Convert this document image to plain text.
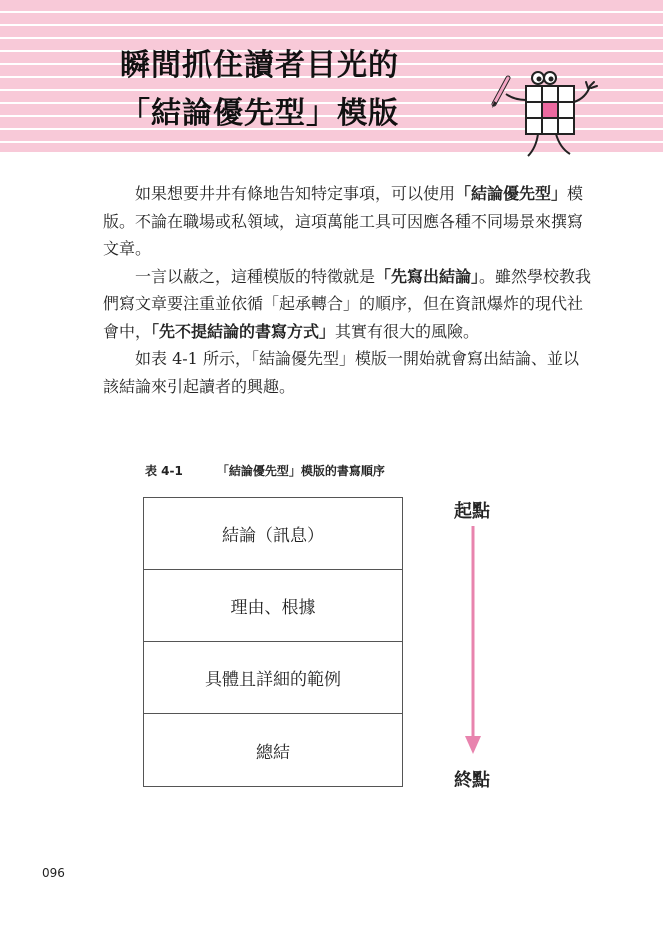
瞬間抓住讀者目光的
「結論優先型」模版

如果想要井井有條地告知特定事項，可以使用「結論優先型」模版。不論在職場或私領域，這項萬能工具可因應各種不同場景來撰寫文章。

一言以蔽之，這種模版的特徵就是「先寫出結論」。雖然學校教我們寫文章要注重並依循「起承轉合」的順序，但在資訊爆炸的現代社會中，「先不提結論的書寫方式」其實有很大的風險。

如表 4-1 所示，「結論優先型」模版一開始就會寫出結論、並以該結論來引起讀者的興趣。

表 4-1	「結論優先型」模版的書寫順序
結論（訊息）
理由、根據
具體且詳細的範例
總結
起點
終點
096
